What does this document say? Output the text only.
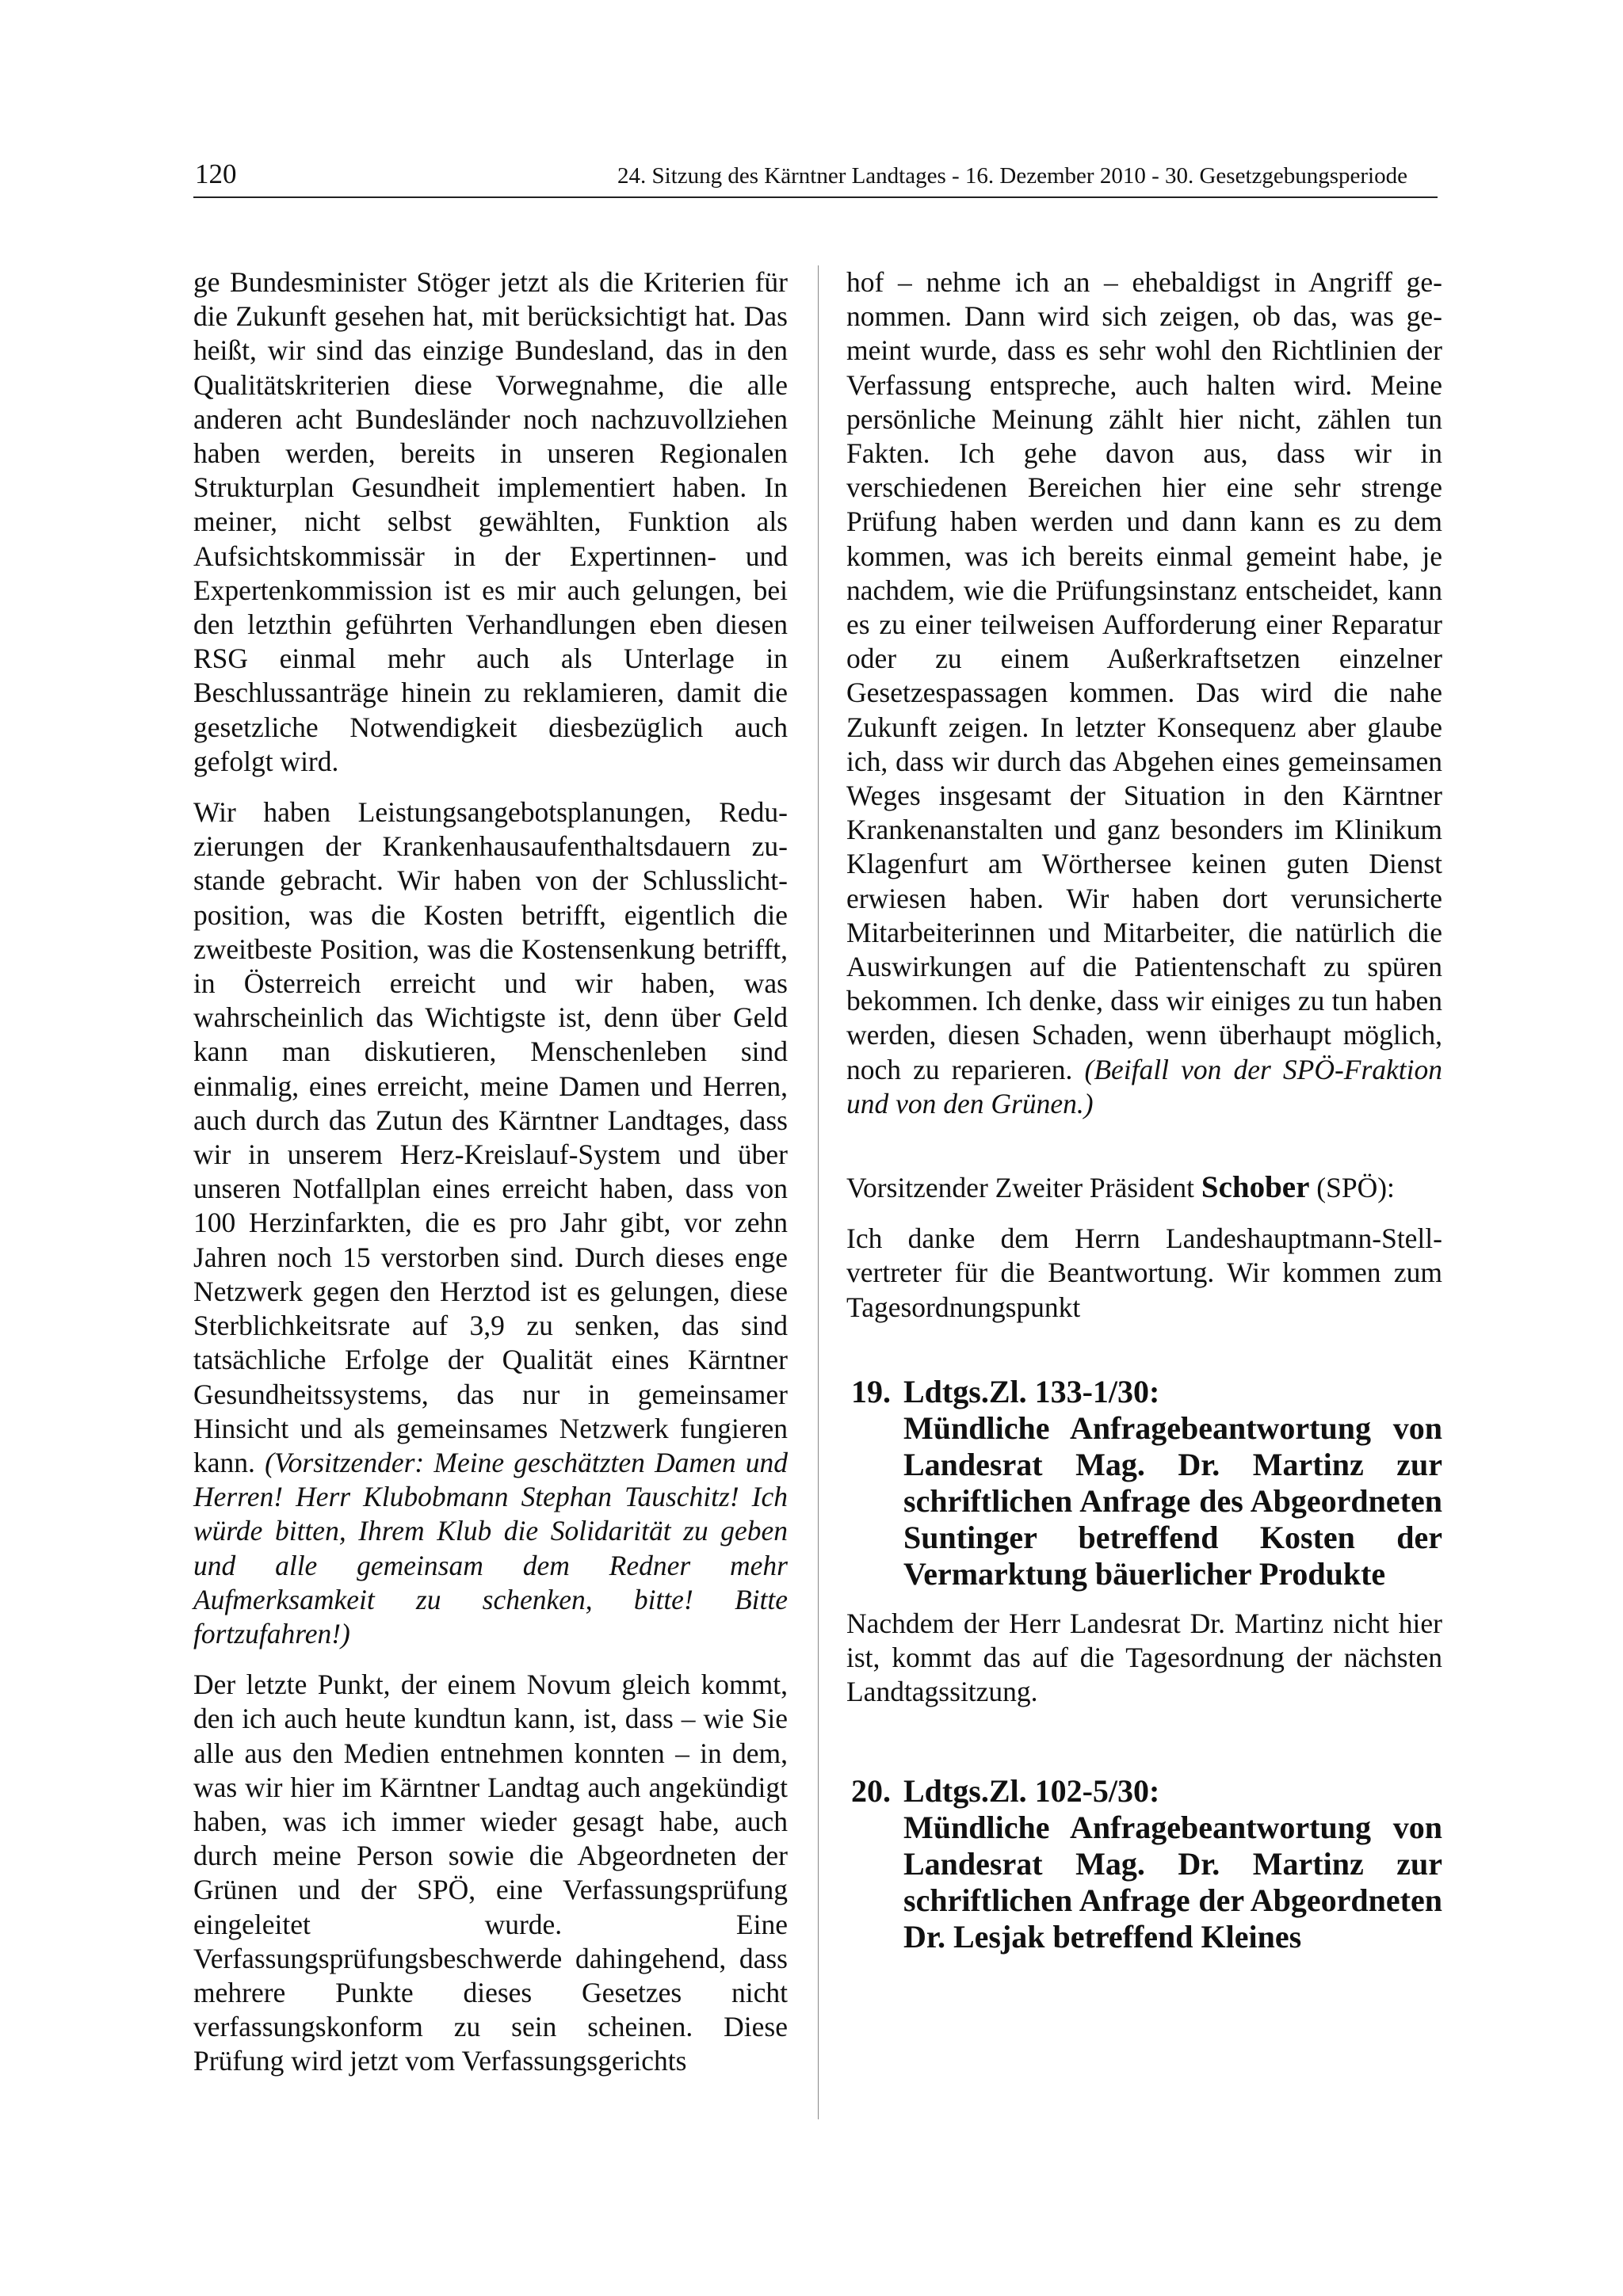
120	24. Sitzung des Kärntner Landtages - 16. Dezember 2010 - 30. Gesetzgebungsperiode

ge Bundesminister Stöger jetzt als die Kriterien für die Zukunft gesehen hat, mit berücksichtigt hat. Das heißt, wir sind das einzige Bundesland, das in den Qualitätskriterien diese Vorwegnahme, die alle anderen acht Bundesländer noch nachzuvollziehen haben werden, bereits in unseren Regionalen Strukturplan Gesundheit implementiert haben. In meiner, nicht selbst gewählten, Funktion als Aufsichtskommissär in der Expertinnen- und Expertenkommission ist es mir auch gelungen, bei den letzthin geführten Verhandlungen eben diesen RSG einmal mehr auch als Unterlage in Beschlussanträge hinein zu reklamieren, damit die gesetzliche Notwendigkeit diesbezüglich auch gefolgt wird.

Wir haben Leistungsangebotsplanungen, Reduzierungen der Krankenhausaufenthaltsdauern zustande gebracht. Wir haben von der Schlusslichtposition, was die Kosten betrifft, eigentlich die zweitbeste Position, was die Kostensenkung betrifft, in Österreich erreicht und wir haben, was wahrscheinlich das Wichtigste ist, denn über Geld kann man diskutieren, Menschenleben sind einmalig, eines erreicht, meine Damen und Herren, auch durch das Zutun des Kärntner Landtages, dass wir in unserem Herz-Kreislauf-System und über unseren Notfallplan eines erreicht haben, dass von 100 Herzinfarkten, die es pro Jahr gibt, vor zehn Jahren noch 15 verstorben sind. Durch dieses enge Netzwerk gegen den Herztod ist es gelungen, diese Sterblichkeitsrate auf 3,9 zu senken, das sind tatsächliche Erfolge der Qualität eines Kärntner Gesundheitssystems, das nur in gemeinsamer Hinsicht und als gemeinsames Netzwerk fungieren kann. (Vorsitzender: Meine geschätzten Damen und Herren! Herr Klubobmann Stephan Tauschitz! Ich würde bitten, Ihrem Klub die Solidarität zu geben und alle gemeinsam dem Redner mehr Aufmerksamkeit zu schenken, bitte! Bitte fortzufahren!)

Der letzte Punkt, der einem Novum gleich kommt, den ich auch heute kundtun kann, ist, dass – wie Sie alle aus den Medien entnehmen konnten – in dem, was wir hier im Kärntner Landtag auch angekündigt haben, was ich immer wieder gesagt habe, auch durch meine Person sowie die Abgeordneten der Grünen und der SPÖ, eine Verfassungsprüfung eingeleitet wurde. Eine Verfassungsprüfungsbeschwerde dahingehend, dass mehrere Punkte dieses Gesetzes nicht verfassungskonform zu sein scheinen. Diese Prüfung wird jetzt vom Verfassungsgerichts

hof – nehme ich an – ehebaldigst in Angriff genommen. Dann wird sich zeigen, ob das, was gemeint wurde, dass es sehr wohl den Richtlinien der Verfassung entspreche, auch halten wird. Meine persönliche Meinung zählt hier nicht, zählen tun Fakten. Ich gehe davon aus, dass wir in verschiedenen Bereichen hier eine sehr strenge Prüfung haben werden und dann kann es zu dem kommen, was ich bereits einmal gemeint habe, je nachdem, wie die Prüfungsinstanz entscheidet, kann es zu einer teilweisen Aufforderung einer Reparatur oder zu einem Außerkraftsetzen einzelner Gesetzespassagen kommen. Das wird die nahe Zukunft zeigen. In letzter Konsequenz aber glaube ich, dass wir durch das Abgehen eines gemeinsamen Weges insgesamt der Situation in den Kärntner Krankenanstalten und ganz besonders im Klinikum Klagenfurt am Wörthersee keinen guten Dienst erwiesen haben. Wir haben dort verunsicherte Mitarbeiterinnen und Mitarbeiter, die natürlich die Auswirkungen auf die Patientenschaft zu spüren bekommen. Ich denke, dass wir einiges zu tun haben werden, diesen Schaden, wenn überhaupt möglich, noch zu reparieren. (Beifall von der SPÖ-Fraktion und von den Grünen.)

Vorsitzender Zweiter Präsident Schober (SPÖ):

Ich danke dem Herrn Landeshauptmann-Stellvertreter für die Beantwortung. Wir kommen zum Tagesordnungspunkt

19. Ldtgs.Zl. 133-1/30:
Mündliche Anfragebeantwortung von Landesrat Mag. Dr. Martinz zur schriftlichen Anfrage des Abgeordneten Suntinger betreffend Kosten der Vermarktung bäuerlicher Produkte

Nachdem der Herr Landesrat Dr. Martinz nicht hier ist, kommt das auf die Tagesordnung der nächsten Landtagssitzung.

20. Ldtgs.Zl. 102-5/30:
Mündliche Anfragebeantwortung von Landesrat Mag. Dr. Martinz zur schriftlichen Anfrage der Abgeordneten Dr. Lesjak betreffend Kleines
